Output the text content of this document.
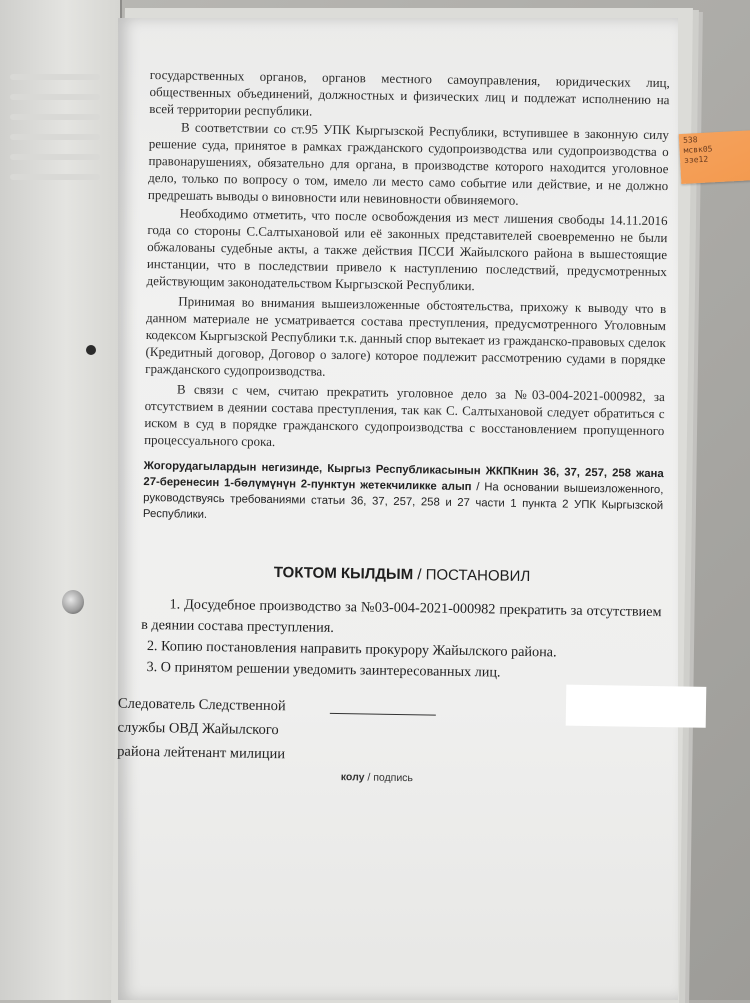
538
мсвк05
ззе12

государственных органов, органов местного самоуправления, юридических лиц, общественных объединений, должностных и физических лиц и подлежат исполнению на всей территории республики.

В соответствии со ст.95 УПК Кыргызской Республики, вступившее в законную силу решение суда, принятое в рамках гражданского судопроизводства или судопроизводства о правонарушениях, обязательно для органа, в производстве которого находится уголовное дело, только по вопросу о том, имело ли место само событие или действие, и не должно предрешать выводы о виновности или невиновности обвиняемого.

Необходимо отметить, что после освобождения из мест лишения свободы 14.11.2016 года со стороны С.Салтыхановой или её законных представителей своевременно не были обжалованы судебные акты, а также действия ПССИ Жайылского района в вышестоящие инстанции, что в последствии привело к наступлению последствий, предусмотренных действующим законодательством Кыргызской Республики.

Принимая во внимания вышеизложенные обстоятельства, прихожу к выводу что в данном материале не усматривается состава преступления, предусмотренного Уголовным кодексом Кыргызской Республики т.к. данный спор вытекает из гражданско-правовых сделок (Кредитный договор, Договор о залоге) которое подлежит рассмотрению судами в порядке гражданского судопроизводства.

В связи с чем, считаю прекратить уголовное дело за №03-004-2021-000982, за отсутствием в деянии состава преступления, так как С. Салтыхановой следует обратиться с иском в суд в порядке гражданского судопроизводства с восстановлением пропущенного процессуального срока.

Жогорудагылардын негизинде, Кыргыз Республикасынын ЖКПКнин 36, 37, 257, 258 жана 27-беренесин 1-бөлүмүнүн 2-пунктун жетекчиликке алып / На основании вышеизложенного, руководствуясь требованиями статьи 36, 37, 257, 258 и 27 части 1 пункта 2 УПК Кыргызской Республики.
ТОКТОМ КЫЛДЫМ / ПОСТАНОВИЛ
1. Досудебное производство за №03-004-2021-000982 прекратить за отсутствием в деянии состава преступления.
2. Копию постановления направить прокурору Жайылского района.
3. О принятом решении уведомить заинтересованных лиц.
Следователь Следственной
службы ОВД Жайылского
района лейтенант милиции
колу / подпись
